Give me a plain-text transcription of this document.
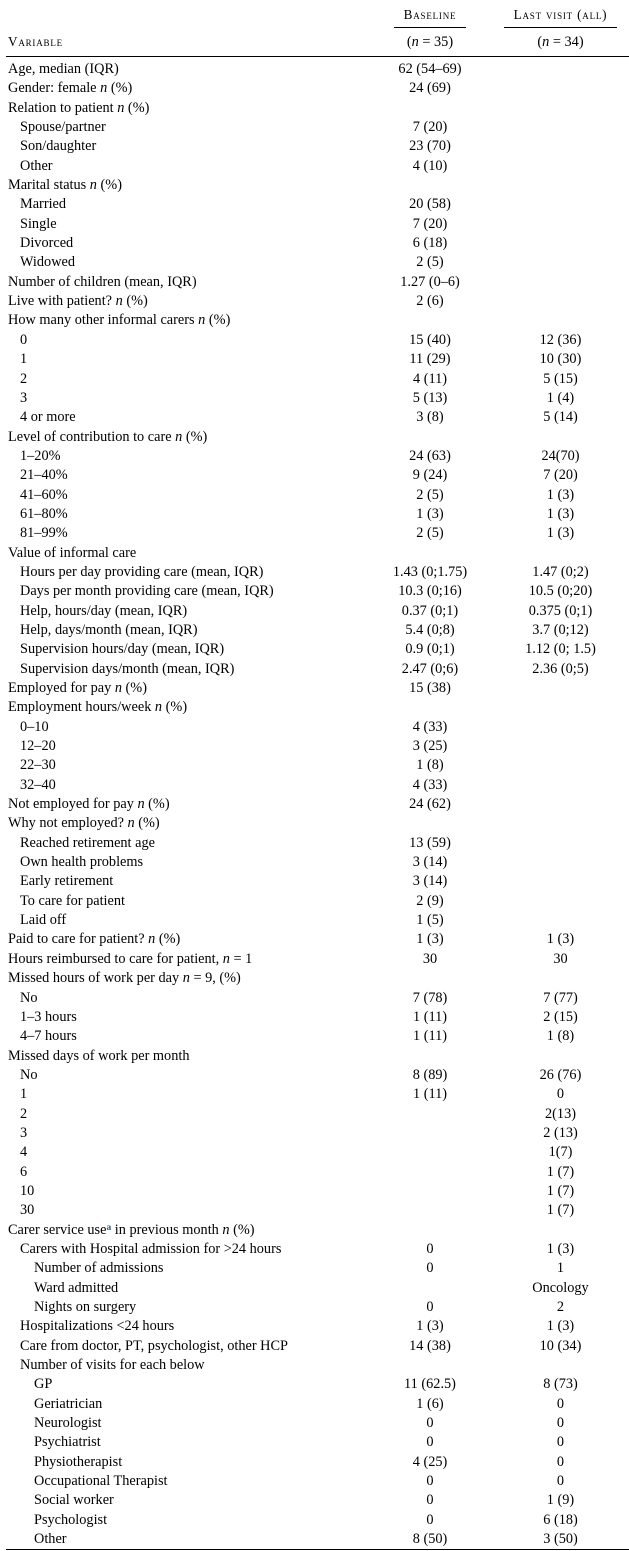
	Baseline	Last visit (all)
Variable	(n = 35)	(n = 34)
Age, median (IQR)	62 (54–69)	
Gender: female n (%)	24 (69)	
Relation to patient n (%)		
Spouse/partner	7 (20)	
Son/daughter	23 (70)	
Other	4 (10)	
Marital status n (%)		
Married	20 (58)	
Single	7 (20)	
Divorced	6 (18)	
Widowed	2 (5)	
Number of children (mean, IQR)	1.27 (0–6)	
Live with patient? n (%)	2 (6)	
How many other informal carers n (%)		
0	15 (40)	12 (36)
1	11 (29)	10 (30)
2	4 (11)	5 (15)
3	5 (13)	1 (4)
4 or more	3 (8)	5 (14)
Level of contribution to care n (%)		
1–20%	24 (63)	24(70)
21–40%	9 (24)	7 (20)
41–60%	2 (5)	1 (3)
61–80%	1 (3)	1 (3)
81–99%	2 (5)	1 (3)
Value of informal care		
Hours per day providing care (mean, IQR)	1.43 (0;1.75)	1.47 (0;2)
Days per month providing care (mean, IQR)	10.3 (0;16)	10.5 (0;20)
Help, hours/day (mean, IQR)	0.37 (0;1)	0.375 (0;1)
Help, days/month (mean, IQR)	5.4 (0;8)	3.7 (0;12)
Supervision hours/day (mean, IQR)	0.9 (0;1)	1.12 (0; 1.5)
Supervision days/month (mean, IQR)	2.47 (0;6)	2.36 (0;5)
Employed for pay n (%)	15 (38)	
Employment hours/week n (%)		
0–10	4 (33)	
12–20	3 (25)	
22–30	1 (8)	
32–40	4 (33)	
Not employed for pay n (%)	24 (62)	
Why not employed? n (%)		
Reached retirement age	13 (59)	
Own health problems	3 (14)	
Early retirement	3 (14)	
To care for patient	2 (9)	
Laid off	1 (5)	
Paid to care for patient? n (%)	1 (3)	1 (3)
Hours reimbursed to care for patient, n = 1	30	30
Missed hours of work per day n = 9, (%)		
No	7 (78)	7 (77)
1–3 hours	1 (11)	2 (15)
4–7 hours	1 (11)	1 (8)
Missed days of work per month		
No	8 (89)	26 (76)
1	1 (11)	0
2		2(13)
3		2 (13)
4		1(7)
6		1 (7)
10		1 (7)
30		1 (7)
Carer service use$^a$ in previous month n (%)		
Carers with Hospital admission for >24 hours	0	1 (3)
Number of admissions	0	1
Ward admitted		Oncology
Nights on surgery	0	2
Hospitalizations <24 hours	1 (3)	1 (3)
Care from doctor, PT, psychologist, other HCP	14 (38)	10 (34)
Number of visits for each below		
GP	11 (62.5)	8 (73)
Geriatrician	1 (6)	0
Neurologist	0	0
Psychiatrist	0	0
Physiotherapist	4 (25)	0
Occupational Therapist	0	0
Social worker	0	1 (9)
Psychologist	0	6 (18)
Other	8 (50)	3 (50)
